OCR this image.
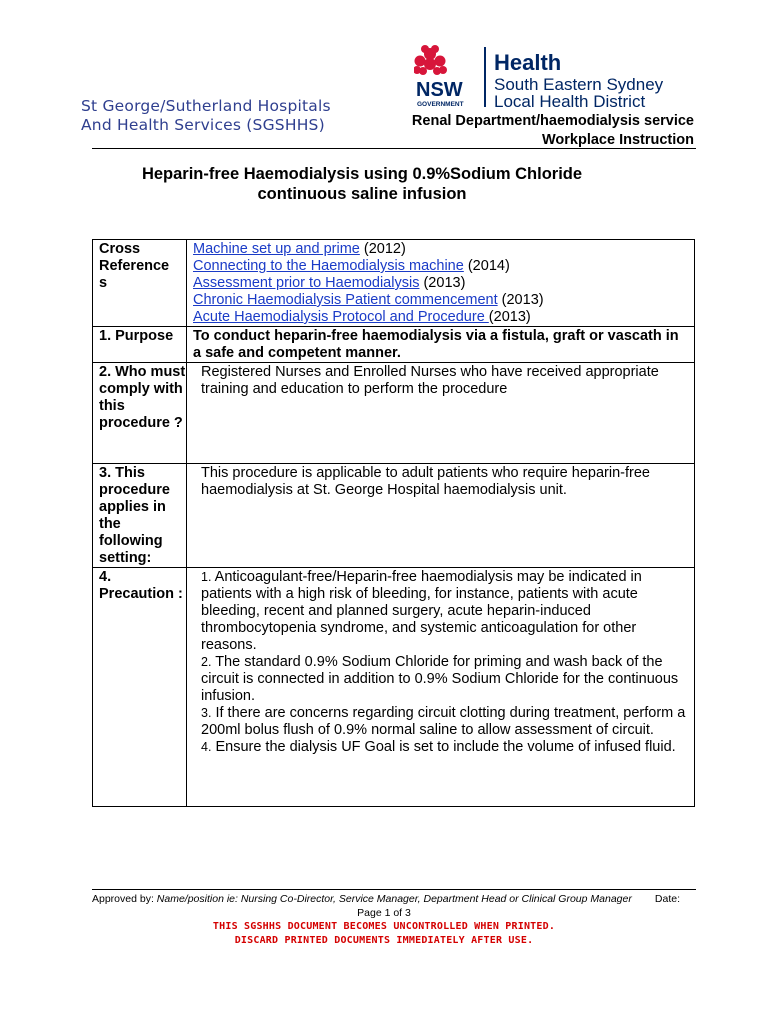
St George/Sutherland Hospitals
And Health Services (SGSHHS)
NSW
GOVERNMENT
Health
South Eastern Sydney
Local Health District
Renal Department/haemodialysis service
Workplace Instruction
Heparin-free Haemodialysis using 0.9%Sodium Chloride
continuous saline infusion
Cross Reference s	Machine set up and prime (2012)
Connecting to the Haemodialysis machine (2014)
Assessment prior to Haemodialysis (2013)
Chronic Haemodialysis Patient commencement (2013)
Acute Haemodialysis Protocol and Procedure (2013)

1. Purpose	To conduct heparin-free haemodialysis via a fistula, graft or vascath in a safe and competent manner.
2. Who must comply with this procedure ?	Registered Nurses and Enrolled Nurses who have received appropriate training and education to perform the procedure
3. This procedure applies in the following setting:	This procedure is applicable to adult patients who require heparin-free haemodialysis at St. George Hospital haemodialysis unit.
4. Precaution :	1. Anticoagulant-free/Heparin-free haemodialysis may be indicated in patients with a high risk of bleeding, for instance, patients with acute bleeding, recent and planned surgery, acute heparin-induced thrombocytopenia syndrome, and systemic anticoagulation for other reasons.
2. The standard 0.9% Sodium Chloride for priming and wash back of the circuit is connected in addition to 0.9% Sodium Chloride for the continuous infusion.
3. If there are concerns regarding circuit clotting during treatment, perform a 200ml bolus flush of 0.9% normal saline to allow assessment of circuit.
4. Ensure the dialysis UF Goal is set to include the volume of infused fluid.
Approved by: Name/position ie: Nursing Co-Director, Service Manager, Department Head or Clinical Group Manager Date:
Page 1 of 3
THIS SGSHHS DOCUMENT BECOMES UNCONTROLLED WHEN PRINTED.
DISCARD PRINTED DOCUMENTS IMMEDIATELY AFTER USE.
